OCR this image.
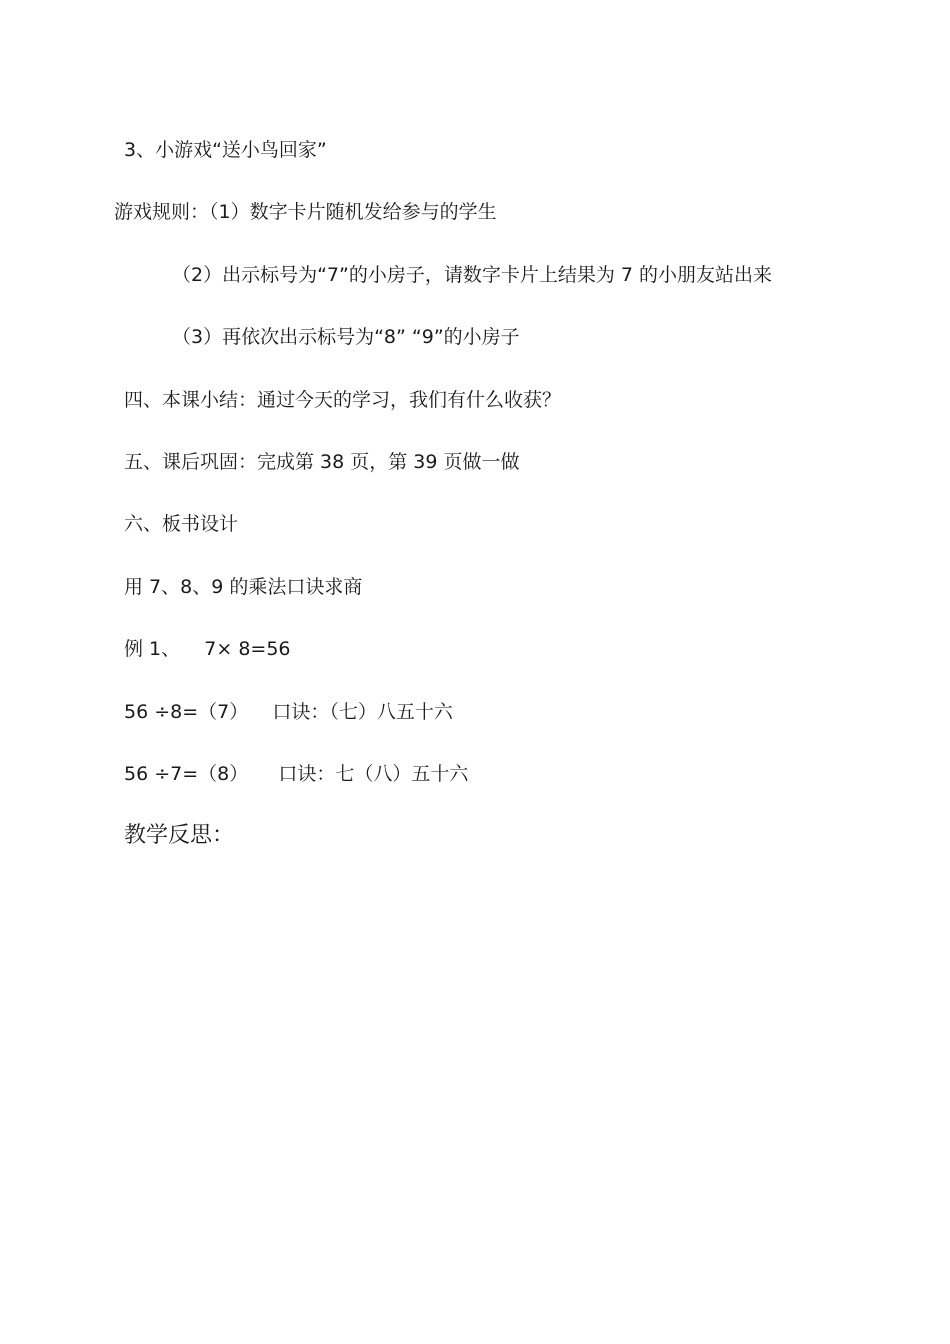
3、小游戏“送小鸟回家”

游戏规则：（1）数字卡片随机发给参与的学生

（2）出示标号为“7”的小房子，请数字卡片上结果为 7 的小朋友站出来

（3）再依次出示标号为“8” “9”的小房子

四、本课小结：通过今天的学习，我们有什么收获？

五、课后巩固：完成第 38 页，第 39 页做一做

六、板书设计

用 7、8、9 的乘法口诀求商

例 1、    7× 8=56

56 ÷8=（7）    口诀：（七）八五十六

56 ÷7=（8）     口诀：七（八）五十六

教学反思：
